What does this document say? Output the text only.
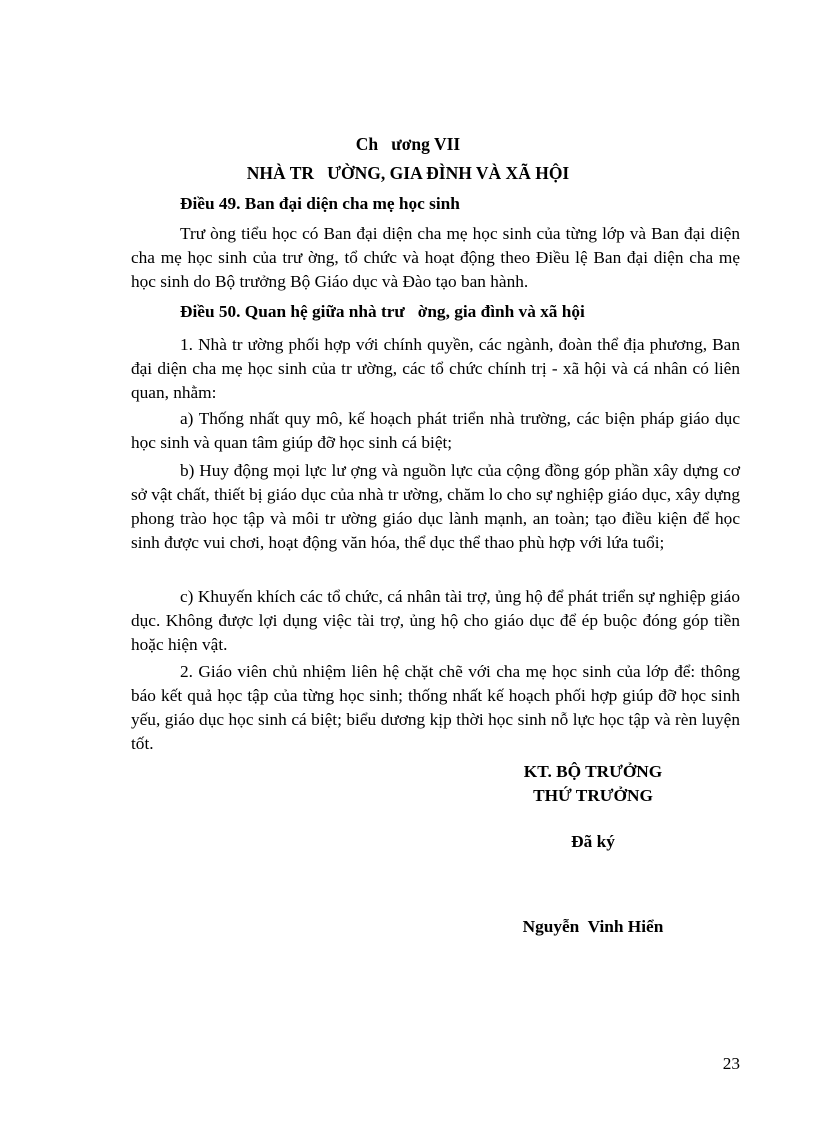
Ch   ương VII
NHÀ TR   ƯỜNG, GIA ĐÌNH VÀ XÃ HỘI
Điều 49. Ban đại diện cha mẹ học sinh

Trư òng tiểu học có Ban đại diện cha mẹ học sinh của từng lớp và Ban đại diện cha mẹ học sinh của trư ờng, tổ chức và hoạt động theo Điều lệ Ban đại diện cha mẹ học sinh do Bộ trưởng Bộ Giáo dục và Đào tạo ban hành.

Điều 50. Quan hệ giữa nhà trư   ờng, gia đình và xã hội

1. Nhà tr ường phối hợp với chính quyền, các ngành, đoàn thể địa phương, Ban đại diện cha mẹ học sinh của tr ường, các tổ chức chính trị - xã hội và cá nhân có liên quan, nhằm:

a) Thống nhất quy mô, kế hoạch phát triển nhà trường, các biện pháp giáo dục học sinh và quan tâm giúp đỡ học sinh cá biệt;

b) Huy động mọi lực lư ợng và nguồn lực của cộng đồng góp phần xây dựng cơ sở vật chất, thiết bị giáo dục của nhà tr ường, chăm lo cho sự nghiệp giáo dục, xây dựng phong trào học tập và môi tr ường giáo dục lành mạnh, an toàn; tạo điều kiện để học sinh được vui chơi, hoạt động văn hóa, thể dục thể thao phù hợp với lứa tuổi;

c) Khuyến khích các tổ chức, cá nhân tài trợ, ủng hộ để phát triển sự nghiệp giáo dục. Không được lợi dụng việc tài trợ, ủng hộ cho giáo dục để ép buộc đóng góp tiền hoặc hiện vật.

2. Giáo viên chủ nhiệm liên hệ chặt chẽ với cha mẹ học sinh của lớp để: thông báo kết quả học tập của từng học sinh; thống nhất kế hoạch phối hợp giúp đỡ học sinh yếu, giáo dục học sinh cá biệt; biểu dương kịp thời học sinh nỗ lực học tập và rèn luyện tốt.

KT. BỘ TRƯỞNG
THỨ TRƯỞNG
Đã ký
Nguyễn  Vinh Hiển
23
